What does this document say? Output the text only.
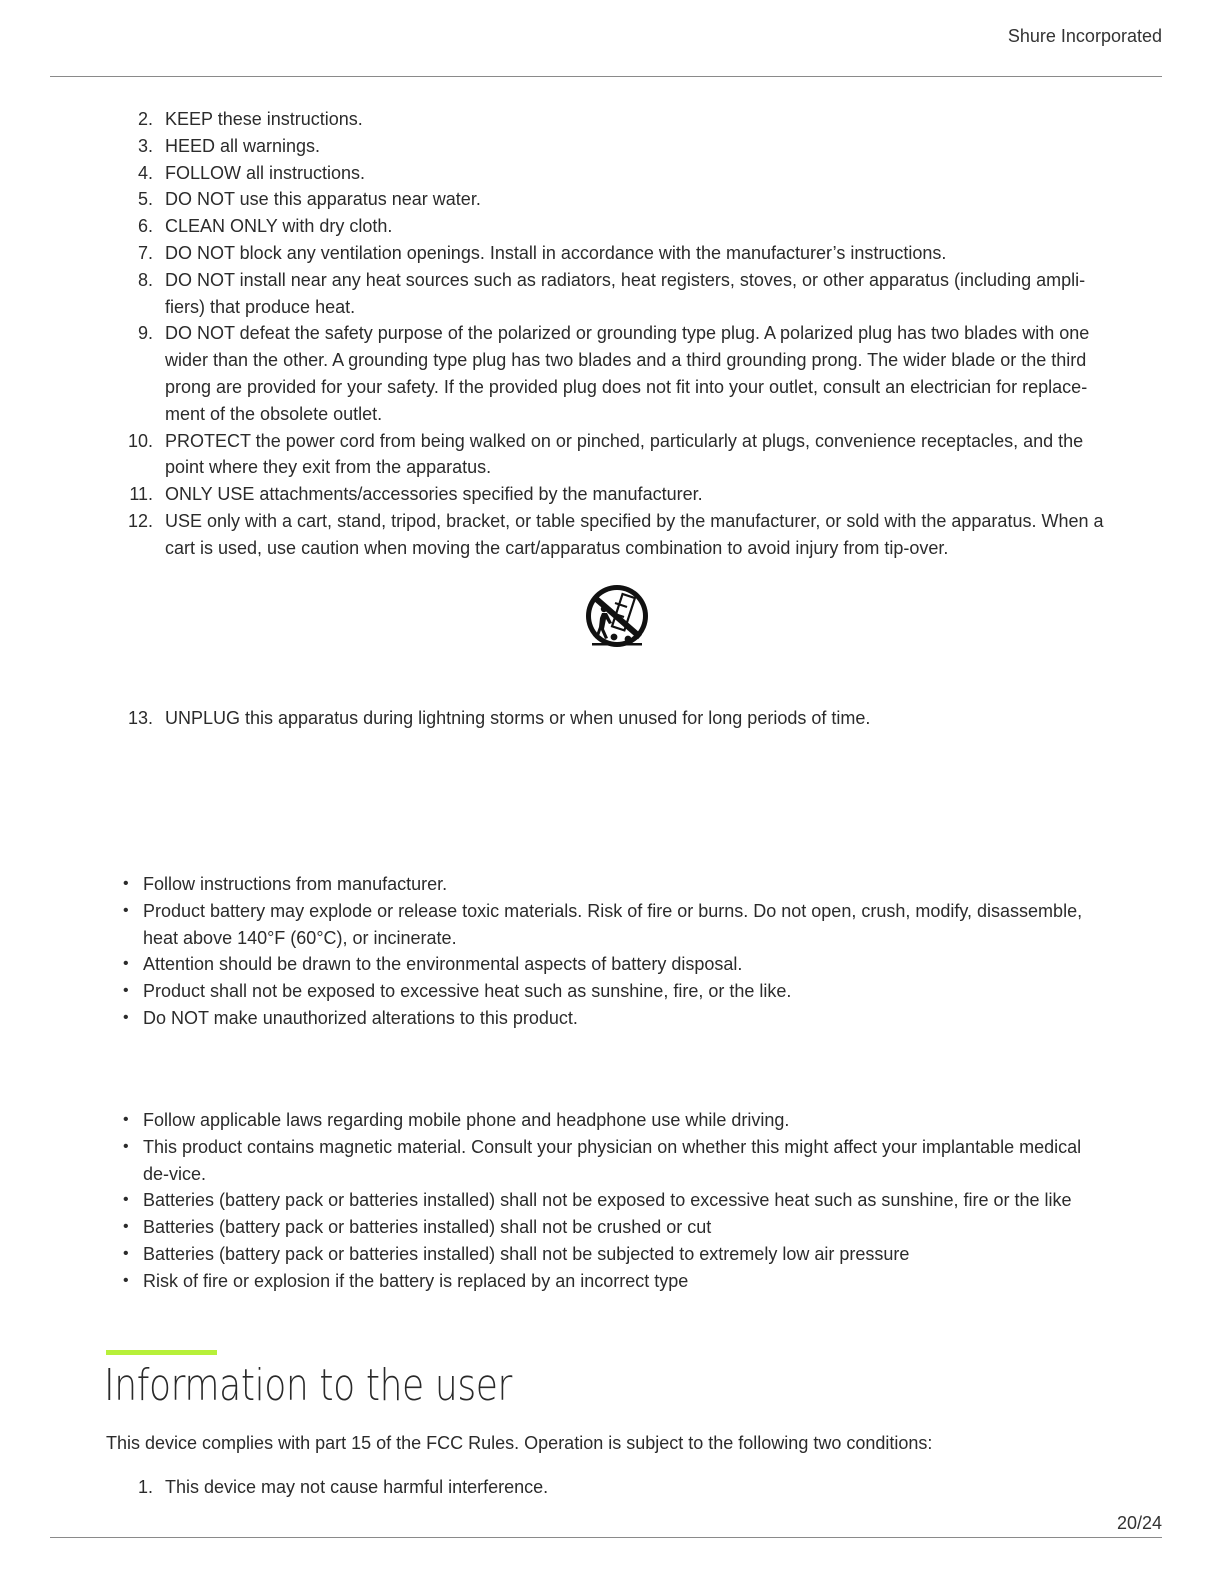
Shure Incorporated
2. KEEP these instructions.
3. HEED all warnings.
4. FOLLOW all instructions.
5. DO NOT use this apparatus near water.
6. CLEAN ONLY with dry cloth.
7. DO NOT block any ventilation openings. Install in accordance with the manufacturer’s instructions.
8. DO NOT install near any heat sources such as radiators, heat registers, stoves, or other apparatus (including ampli-fiers) that produce heat.
9. DO NOT defeat the safety purpose of the polarized or grounding type plug. A polarized plug has two blades with one wider than the other. A grounding type plug has two blades and a third grounding prong. The wider blade or the third prong are provided for your safety. If the provided plug does not fit into your outlet, consult an electrician for replace-ment of the obsolete outlet.
10. PROTECT the power cord from being walked on or pinched, particularly at plugs, convenience receptacles, and the point where they exit from the apparatus.
11. ONLY USE attachments/accessories specified by the manufacturer.
12. USE only with a cart, stand, tripod, bracket, or table specified by the manufacturer, or sold with the apparatus. When a cart is used, use caution when moving the cart/apparatus combination to avoid injury from tip-over.
13. UNPLUG this apparatus during lightning storms or when unused for long periods of time.
• Follow instructions from manufacturer.
• Product battery may explode or release toxic materials. Risk of fire or burns. Do not open, crush, modify, disassemble, heat above 140°F (60°C), or incinerate.
• Attention should be drawn to the environmental aspects of battery disposal.
• Product shall not be exposed to excessive heat such as sunshine, fire, or the like.
• Do NOT make unauthorized alterations to this product.
• Follow applicable laws regarding mobile phone and headphone use while driving.
• This product contains magnetic material. Consult your physician on whether this might affect your implantable medical de-vice.
• Batteries (battery pack or batteries installed) shall not be exposed to excessive heat such as sunshine, fire or the like
• Batteries (battery pack or batteries installed) shall not be crushed or cut
• Batteries (battery pack or batteries installed) shall not be subjected to extremely low air pressure
• Risk of fire or explosion if the battery is replaced by an incorrect type
Information to the user
This device complies with part 15 of the FCC Rules. Operation is subject to the following two conditions:
1. This device may not cause harmful interference.
20/24
